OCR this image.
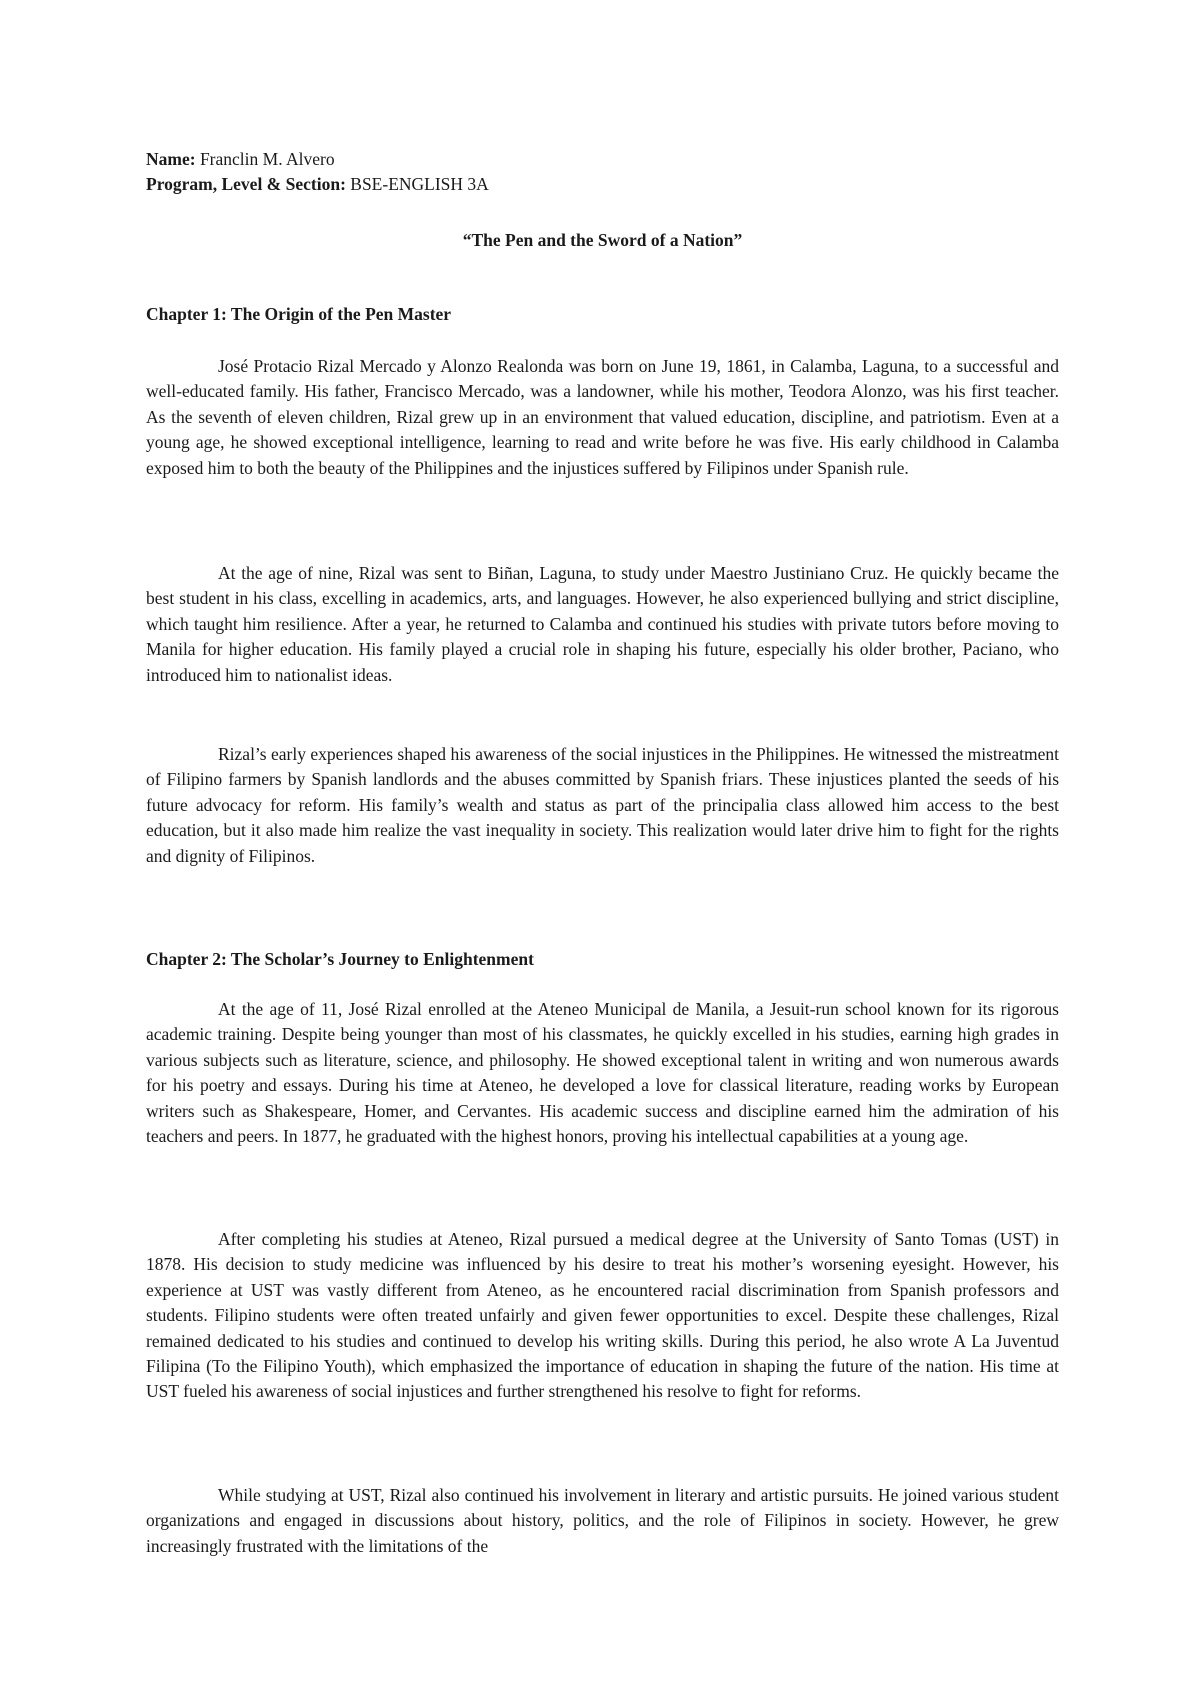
Name: Franclin M. Alvero
Program, Level & Section: BSE-ENGLISH 3A
“The Pen and the Sword of a Nation”
Chapter 1: The Origin of the Pen Master

José Protacio Rizal Mercado y Alonzo Realonda was born on June 19, 1861, in Calamba, Laguna, to a successful and well-educated family. His father, Francisco Mercado, was a landowner, while his mother, Teodora Alonzo, was his first teacher. As the seventh of eleven children, Rizal grew up in an environment that valued education, discipline, and patriotism. Even at a young age, he showed exceptional intelligence, learning to read and write before he was five. His early childhood in Calamba exposed him to both the beauty of the Philippines and the injustices suffered by Filipinos under Spanish rule.

At the age of nine, Rizal was sent to Biñan, Laguna, to study under Maestro Justiniano Cruz. He quickly became the best student in his class, excelling in academics, arts, and languages. However, he also experienced bullying and strict discipline, which taught him resilience. After a year, he returned to Calamba and continued his studies with private tutors before moving to Manila for higher education. His family played a crucial role in shaping his future, especially his older brother, Paciano, who introduced him to nationalist ideas.

Rizal’s early experiences shaped his awareness of the social injustices in the Philippines. He witnessed the mistreatment of Filipino farmers by Spanish landlords and the abuses committed by Spanish friars. These injustices planted the seeds of his future advocacy for reform. His family’s wealth and status as part of the principalia class allowed him access to the best education, but it also made him realize the vast inequality in society. This realization would later drive him to fight for the rights and dignity of Filipinos.

Chapter 2: The Scholar’s Journey to Enlightenment

At the age of 11, José Rizal enrolled at the Ateneo Municipal de Manila, a Jesuit-run school known for its rigorous academic training. Despite being younger than most of his classmates, he quickly excelled in his studies, earning high grades in various subjects such as literature, science, and philosophy. He showed exceptional talent in writing and won numerous awards for his poetry and essays. During his time at Ateneo, he developed a love for classical literature, reading works by European writers such as Shakespeare, Homer, and Cervantes. His academic success and discipline earned him the admiration of his teachers and peers. In 1877, he graduated with the highest honors, proving his intellectual capabilities at a young age.

After completing his studies at Ateneo, Rizal pursued a medical degree at the University of Santo Tomas (UST) in 1878. His decision to study medicine was influenced by his desire to treat his mother’s worsening eyesight. However, his experience at UST was vastly different from Ateneo, as he encountered racial discrimination from Spanish professors and students. Filipino students were often treated unfairly and given fewer opportunities to excel. Despite these challenges, Rizal remained dedicated to his studies and continued to develop his writing skills. During this period, he also wrote A La Juventud Filipina (To the Filipino Youth), which emphasized the importance of education in shaping the future of the nation. His time at UST fueled his awareness of social injustices and further strengthened his resolve to fight for reforms.

While studying at UST, Rizal also continued his involvement in literary and artistic pursuits. He joined various student organizations and engaged in discussions about history, politics, and the role of Filipinos in society. However, he grew increasingly frustrated with the limitations of the
